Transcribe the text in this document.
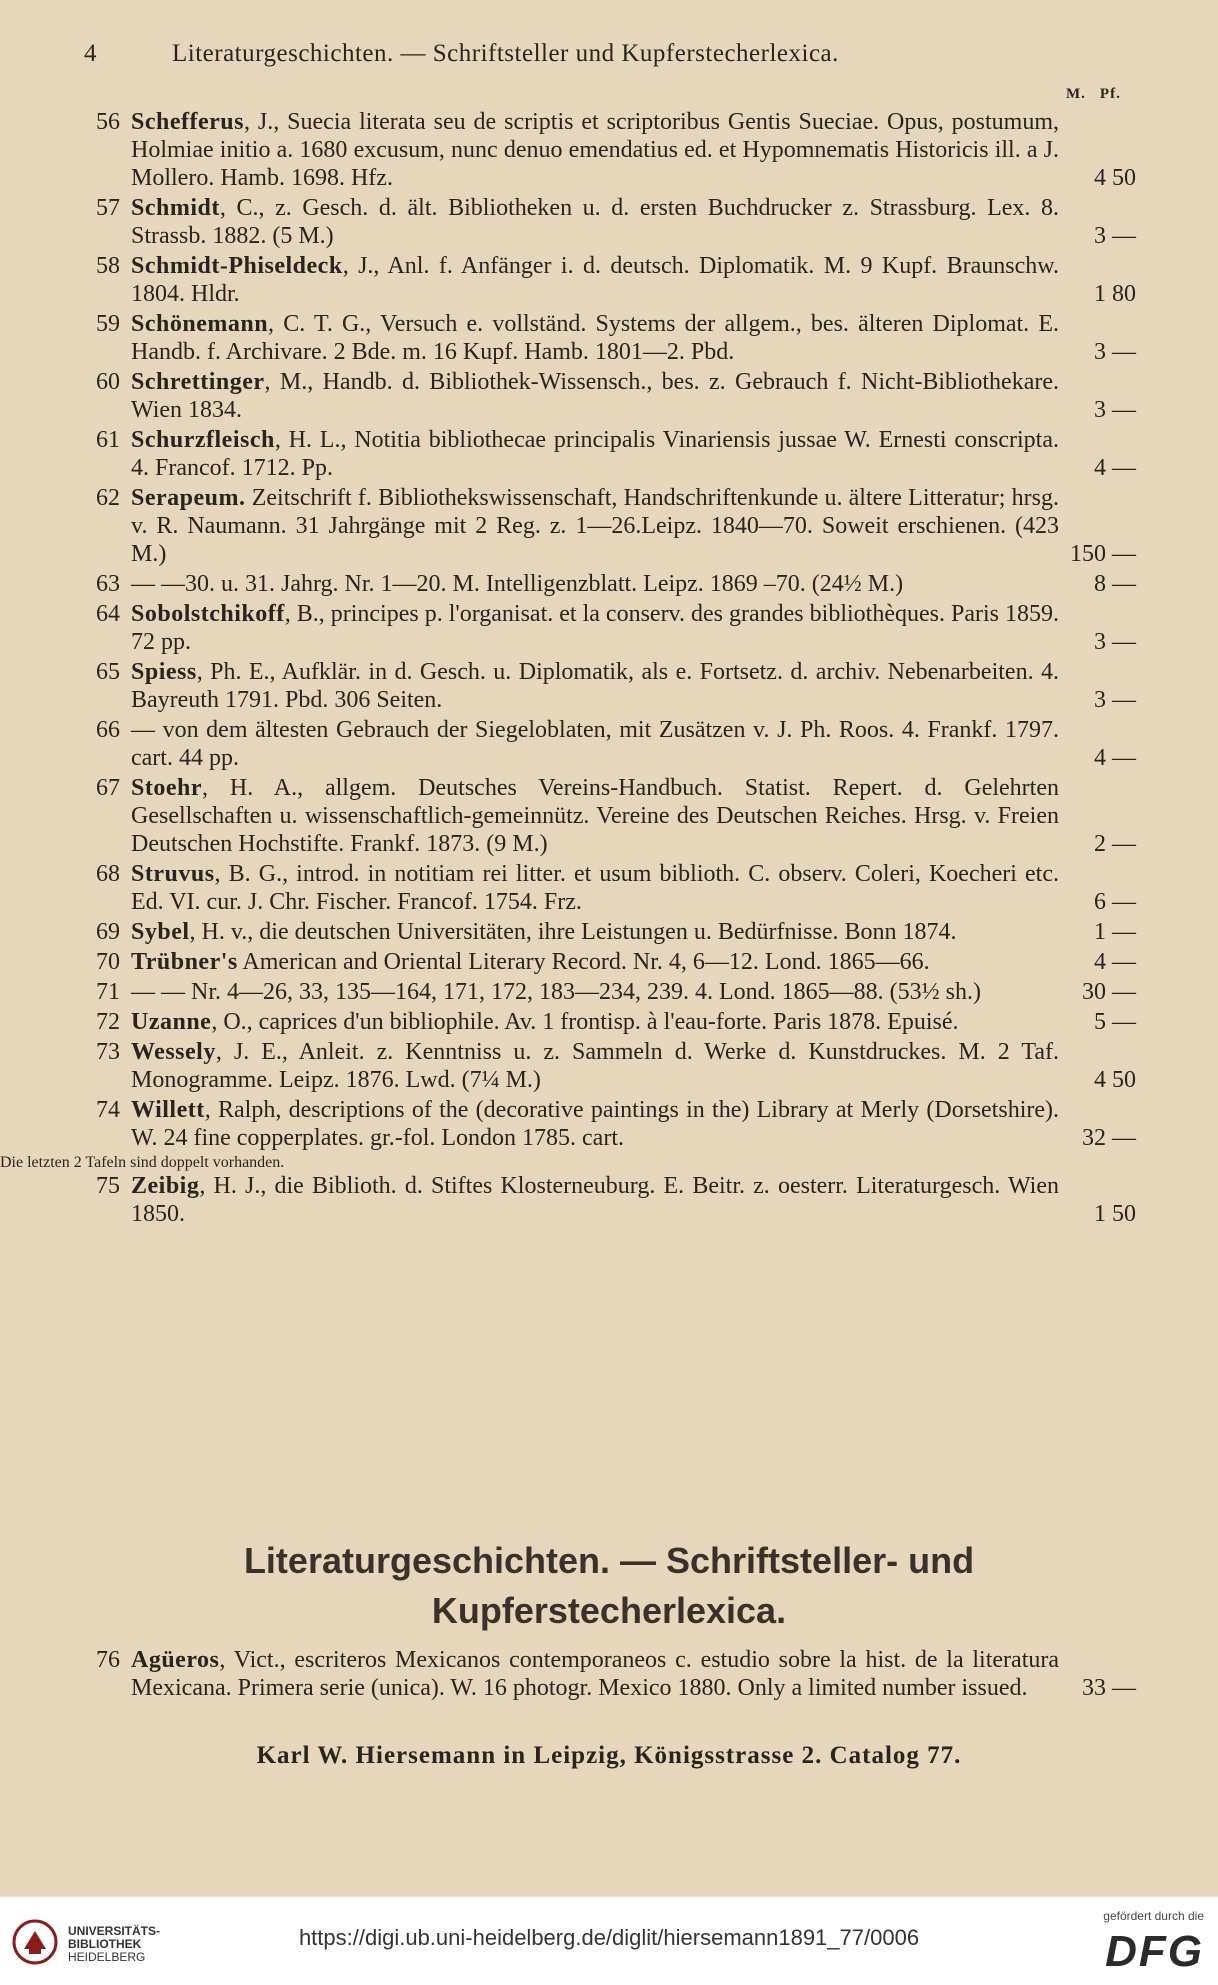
4	Literaturgeschichten. — Schriftsteller und Kupferstecherlexica.
M. Pf.
56 Schefferus, J., Suecia literata seu de scriptis et scriptoribus Gentis Sueciae. Opus, postumum, Holmiae initio a. 1680 excusum, nunc denuo emendatius ed. et Hypomnematis Historicis ill. a J. Mollero. Hamb. 1698. Hfz.	4 50
57 Schmidt, C., z. Gesch. d. ält. Bibliotheken u. d. ersten Buchdrucker z. Strassburg. Lex. 8. Strassb. 1882. (5 M.)	3 —
58 Schmidt-Phiseldeck, J., Anl. f. Anfänger i. d. deutsch. Diplomatik. M. 9 Kupf. Braunschw. 1804. Hldr.	1 80
59 Schönemann, C. T. G., Versuch e. vollständ. Systems der allgem., bes. älteren Diplomat. E. Handb. f. Archivare. 2 Bde. m. 16 Kupf. Hamb. 1801—2. Pbd.	3 —
60 Schrettinger, M., Handb. d. Bibliothek-Wissensch., bes. z. Gebrauch f. Nicht-Bibliothekare. Wien 1834.	3 —
61 Schurzfleisch, H. L., Notitia bibliothecae principalis Vinariensis jussae W. Ernesti conscripta. 4. Francof. 1712. Pp.	4 —
62 Serapeum. Zeitschrift f. Bibliothekswissenschaft, Handschriftenkunde u. ältere Litteratur; hrsg. v. R. Naumann. 31 Jahrgänge mit 2 Reg. z. 1—26.Leipz. 1840—70. Soweit erschienen. (423 M.)	150 —
63 — —30. u. 31. Jahrg. Nr. 1—20. M. Intelligenzblatt. Leipz. 1869 –70. (24½ M.)	8 —
64 Sobolstchikoff, B., principes p. l'organisat. et la conserv. des grandes bibliothèques. Paris 1859. 72 pp.	3 —
65 Spiess, Ph. E., Aufklär. in d. Gesch. u. Diplomatik, als e. Fortsetz. d. archiv. Nebenarbeiten. 4. Bayreuth 1791. Pbd. 306 Seiten.	3 —
66 — von dem ältesten Gebrauch der Siegeloblaten, mit Zusätzen v. J. Ph. Roos. 4. Frankf. 1797. cart. 44 pp.	4 —
67 Stoehr, H. A., allgem. Deutsches Vereins-Handbuch. Statist. Repert. d. Gelehrten Gesellschaften u. wissenschaftlich-gemeinnütz. Vereine des Deutschen Reiches. Hrsg. v. Freien Deutschen Hochstifte. Frankf. 1873. (9 M.)	2 —
68 Struvus, B. G., introd. in notitiam rei litter. et usum biblioth. C. observ. Coleri, Koecheri etc. Ed. VI. cur. J. Chr. Fischer. Francof. 1754. Frz.	6 —
69 Sybel, H. v., die deutschen Universitäten, ihre Leistungen u. Bedürfnisse. Bonn 1874.	1 —
70 Trübner's American and Oriental Literary Record. Nr. 4, 6—12. Lond. 1865—66.	4 —
71 — — Nr. 4—26, 33, 135—164, 171, 172, 183—234, 239. 4. Lond. 1865—88. (53½ sh.)	30 —
72 Uzanne, O., caprices d'un bibliophile. Av. 1 frontisp. à l'eau-forte. Paris 1878. Epuisé.	5 —
73 Wessely, J. E., Anleit. z. Kenntniss u. z. Sammeln d. Werke d. Kunstdruckes. M. 2 Taf. Monogramme. Leipz. 1876. Lwd. (7¼ M.)	4 50
74 Willett, Ralph, descriptions of the (decorative paintings in the) Library at Merly (Dorsetshire). W. 24 fine copperplates. gr.-fol. London 1785. cart.	32 —
Die letzten 2 Tafeln sind doppelt vorhanden.
75 Zeibig, H. J., die Biblioth. d. Stiftes Klosterneuburg. E. Beitr. z. oesterr. Literaturgesch. Wien 1850.	1 50
Literaturgeschichten. — Schriftsteller- und
Kupferstecherlexica.
76 Agüeros, Vict., escriteros Mexicanos contemporaneos c. estudio sobre la hist. de la literatura Mexicana. Primera serie (unica). W. 16 photogr. Mexico 1880. Only a limited number issued.	33 —
Karl W. Hiersemann in Leipzig, Königsstrasse 2. Catalog 77.
UNIVERSITÄTS-
BIBLIOTHEK
HEIDELBERG
https://digi.ub.uni-heidelberg.de/diglit/hiersemann1891_77/0006
gefördert durch die
DFG
